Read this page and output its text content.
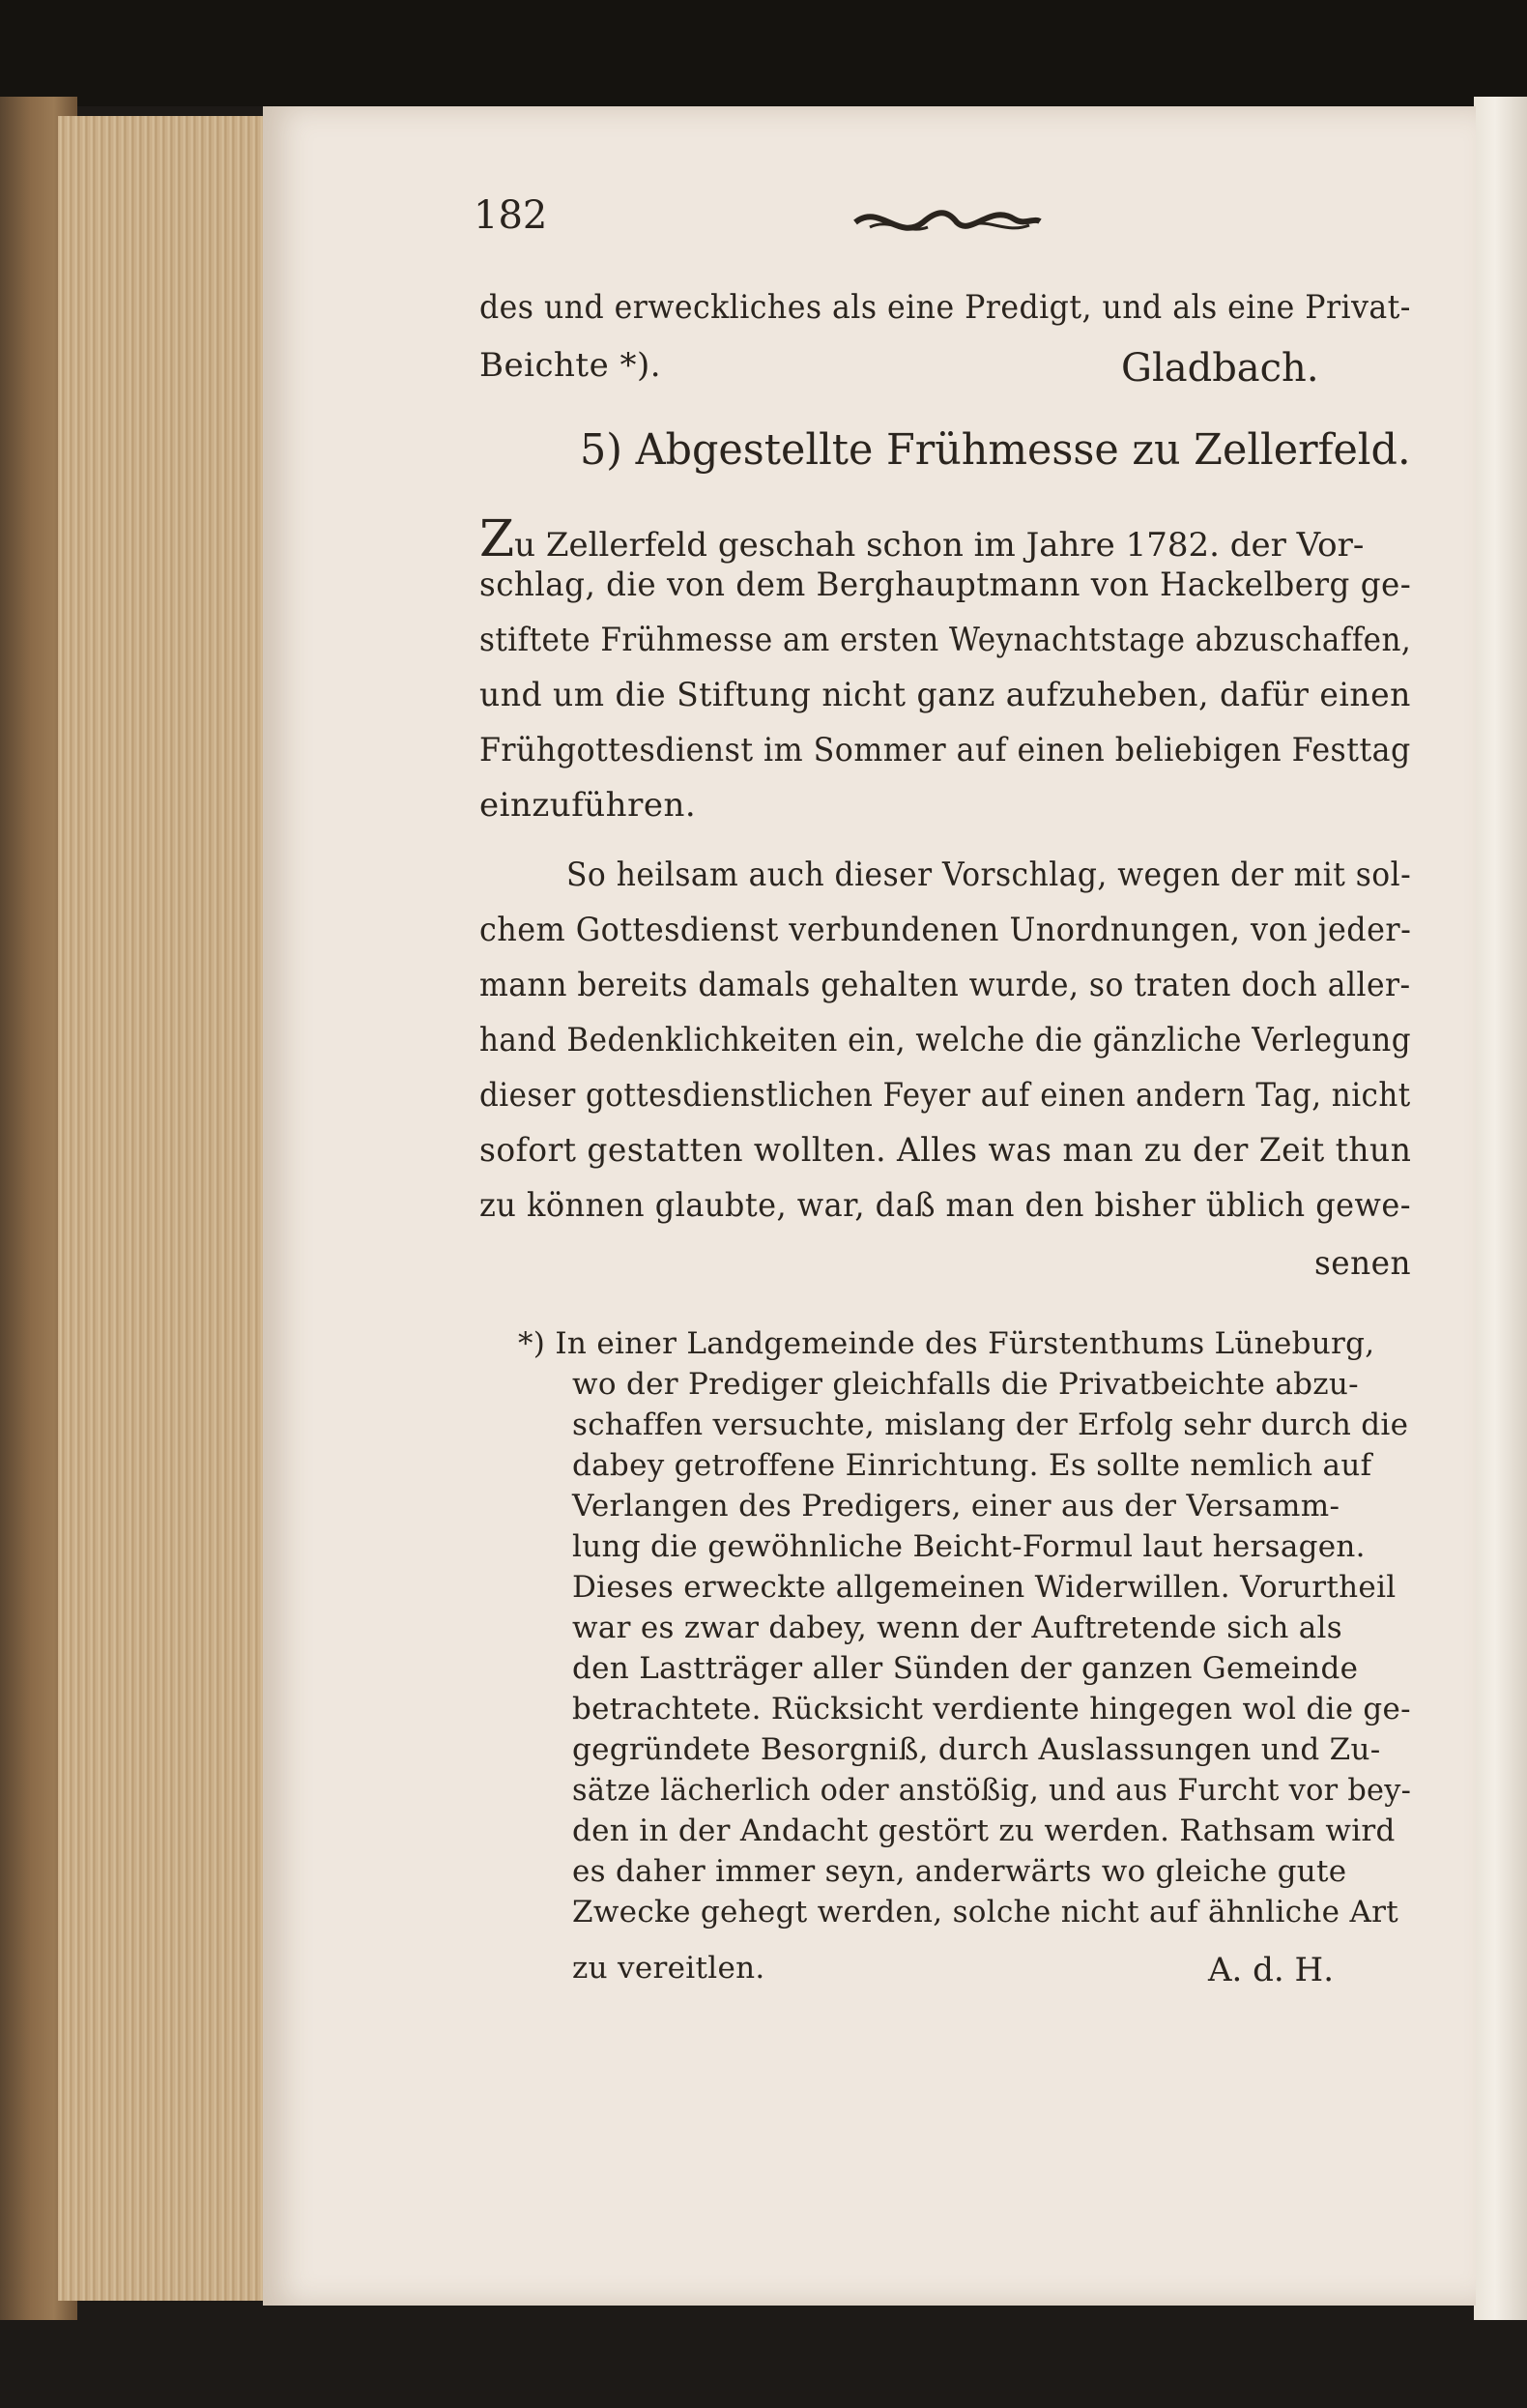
182
des und erweckliches als eine Predigt, und als eine Privat-
Beichte *).	Gladbach.
5) Abgestellte Frühmesse zu Zellerfeld.
Zu Zellerfeld geschah schon im Jahre 1782. der Vor-
schlag, die von dem Berghauptmann von Hackelberg ge-
stiftete Frühmesse am ersten Weynachtstage abzuschaffen,
und um die Stiftung nicht ganz aufzuheben, dafür einen
Frühgottesdienst im Sommer auf einen beliebigen Festtag
einzuführen.
So heilsam auch dieser Vorschlag, wegen der mit sol-
chem Gottesdienst verbundenen Unordnungen, von jeder-
mann bereits damals gehalten wurde, so traten doch aller-
hand Bedenklichkeiten ein, welche die gänzliche Verlegung
dieser gottesdienstlichen Feyer auf einen andern Tag, nicht
sofort gestatten wollten. Alles was man zu der Zeit thun
zu können glaubte, war, daß man den bisher üblich gewe-
senen
*) In einer Landgemeinde des Fürstenthums Lüneburg,
wo der Prediger gleichfalls die Privatbeichte abzu-
schaffen versuchte, mislang der Erfolg sehr durch die
dabey getroffene Einrichtung. Es sollte nemlich auf
Verlangen des Predigers, einer aus der Versamm-
lung die gewöhnliche Beicht-Formul laut hersagen.
Dieses erweckte allgemeinen Widerwillen. Vorurtheil
war es zwar dabey, wenn der Auftretende sich als
den Lastträger aller Sünden der ganzen Gemeinde
betrachtete. Rücksicht verdiente hingegen wol die ge-
gegründete Besorgniß, durch Auslassungen und Zu-
sätze lächerlich oder anstößig, und aus Furcht vor bey-
den in der Andacht gestört zu werden. Rathsam wird
es daher immer seyn, anderwärts wo gleiche gute
Zwecke gehegt werden, solche nicht auf ähnliche Art
zu vereitlen.	A. d. H.
